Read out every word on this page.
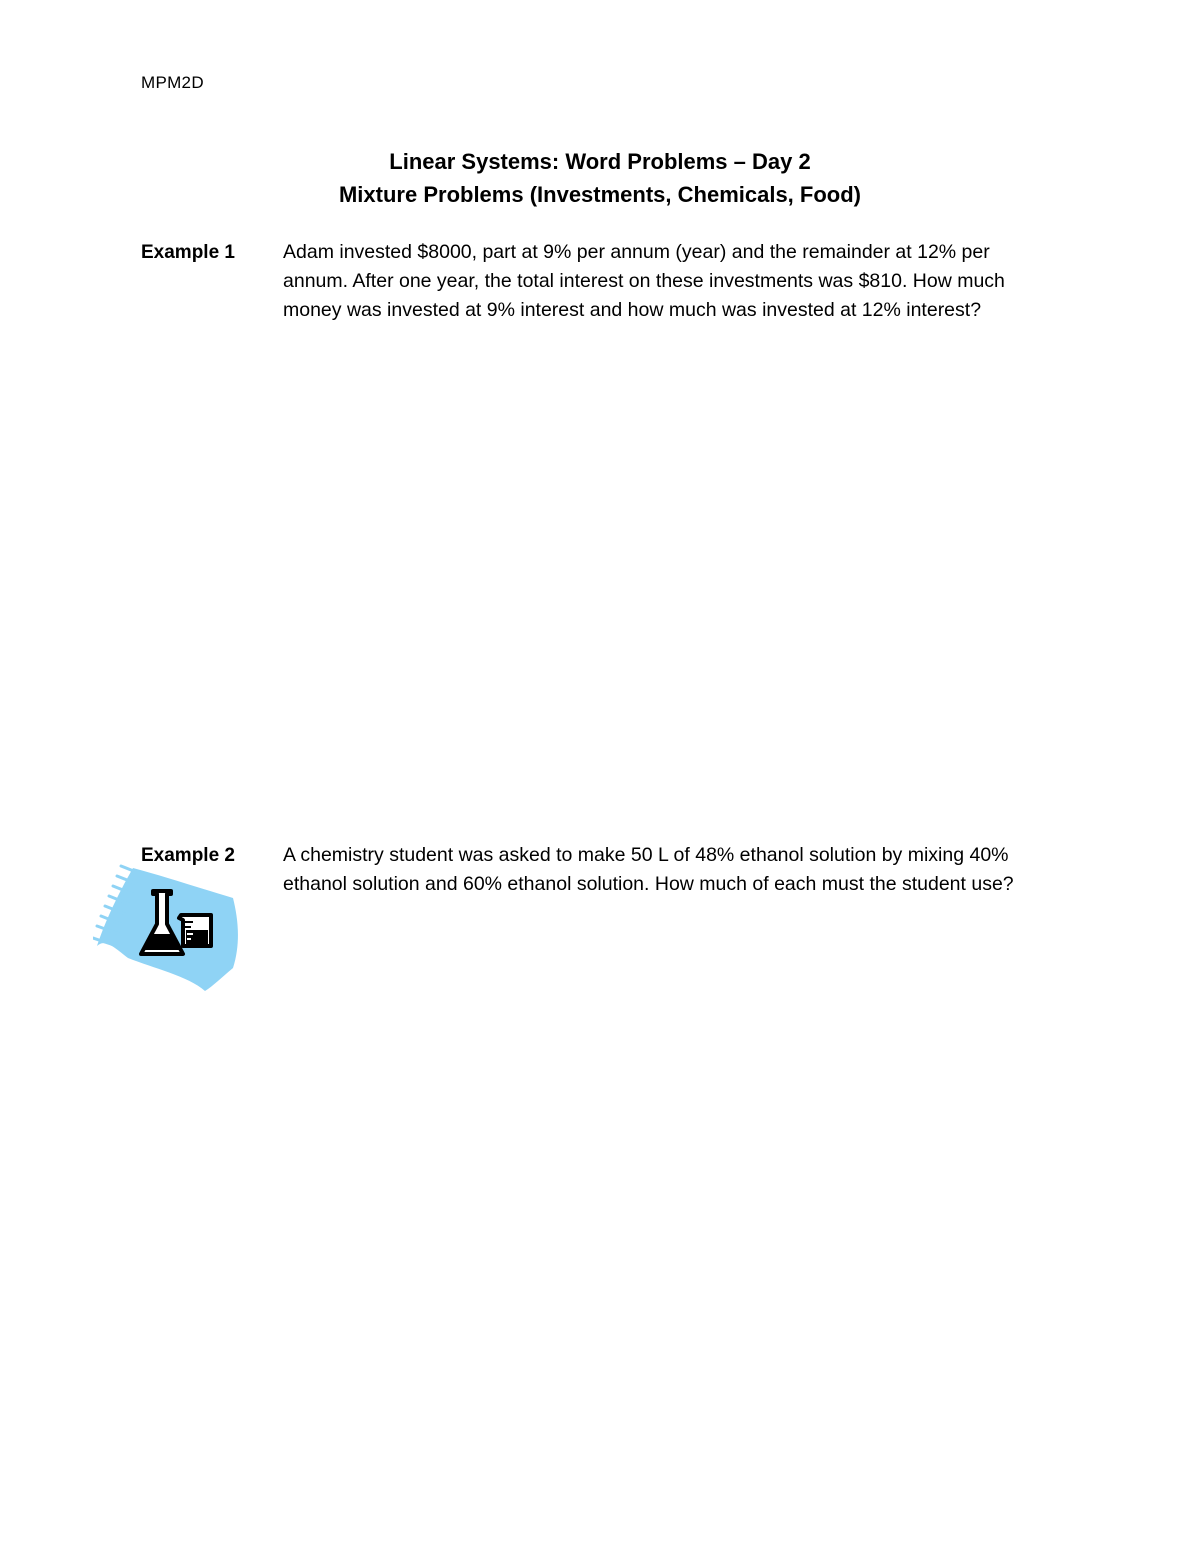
MPM2D
Linear Systems: Word Problems – Day 2
Mixture Problems (Investments, Chemicals, Food)
Example 1 Adam invested $8000, part at 9% per annum (year) and the remainder at 12% per annum. After one year, the total interest on these investments was $810. How much money was invested at 9% interest and how much was invested at 12% interest?
Example 2 A chemistry student was asked to make 50 L of 48% ethanol solution by mixing 40% ethanol solution and 60% ethanol solution. How much of each must the student use?
